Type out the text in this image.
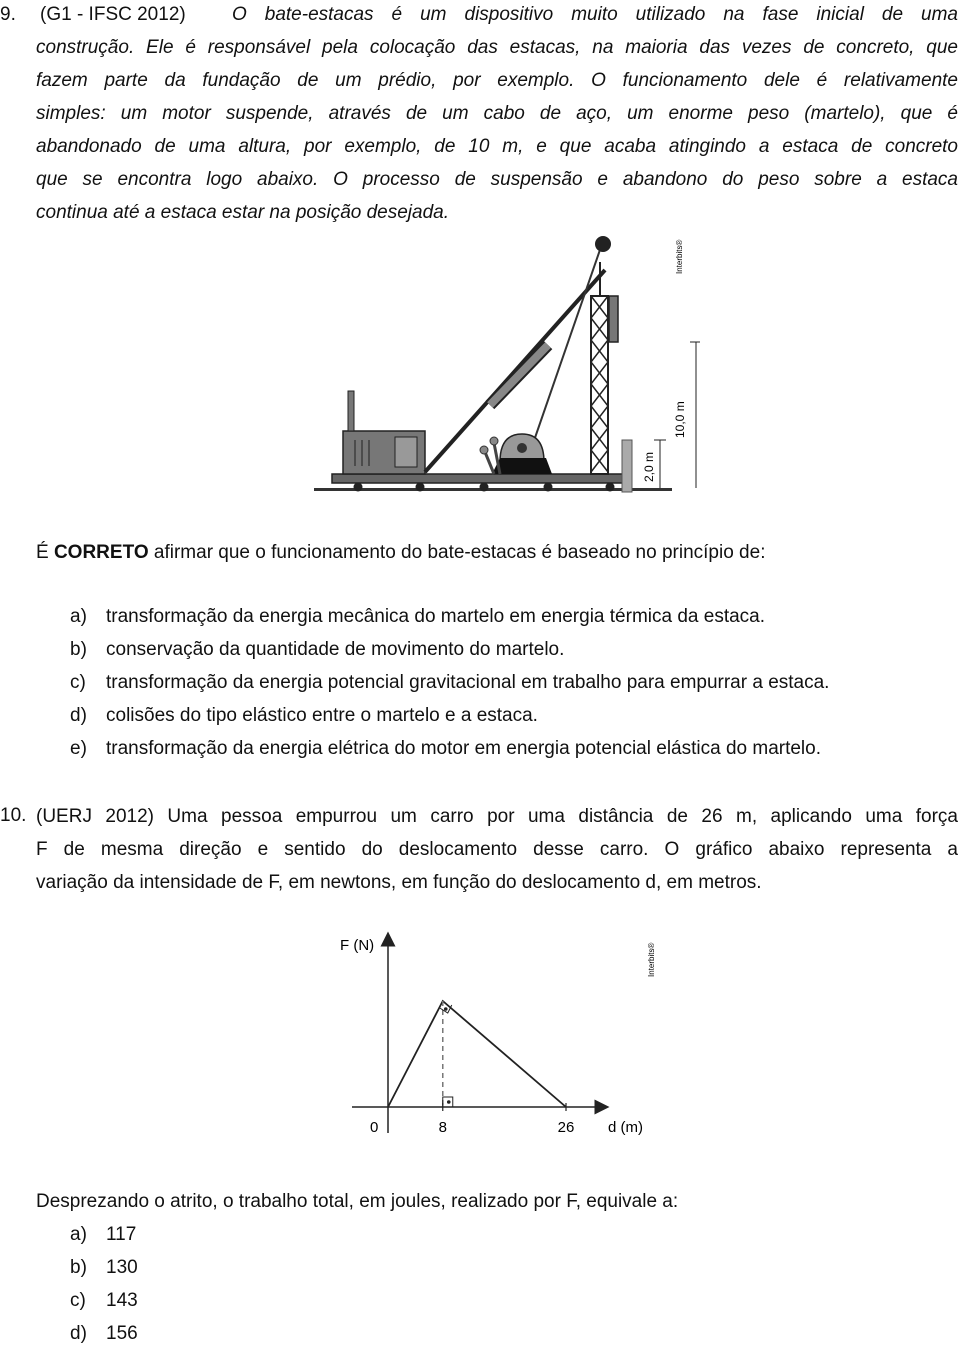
9. (G1 - IFSC 2012) O bate-estacas é um dispositivo muito utilizado na fase inicial de uma
construção. Ele é responsável pela colocação das estacas, na maioria das vezes de concreto, que
fazem parte da fundação de um prédio, por exemplo. O funcionamento dele é relativamente
simples: um motor suspende, através de um cabo de aço, um enorme peso (martelo), que é
abandonado de uma altura, por exemplo, de 10 m, e que acaba atingindo a estaca de concreto
que se encontra logo abaixo. O processo de suspensão e abandono do peso sobre a estaca
continua até a estaca estar na posição desejada.
2,0 m
10,0 m
Interbits®
É CORRETO afirmar que o funcionamento do bate-estacas é baseado no princípio de:
a) transformação da energia mecânica do martelo em energia térmica da estaca.
b) conservação da quantidade de movimento do martelo.
c) transformação da energia potencial gravitacional em trabalho para empurrar a estaca.
d) colisões do tipo elástico entre o martelo e a estaca.
e) transformação da energia elétrica do motor em energia potencial elástica do martelo.
10. (UERJ 2012) Uma pessoa empurrou um carro por uma distância de 26 m, aplicando uma força
F de mesma direção e sentido do deslocamento desse carro. O gráfico abaixo representa a
variação da intensidade de F, em newtons, em função do deslocamento d, em metros.
F (N)
d (m)
Interbits®
0	8	26
Desprezando o atrito, o trabalho total, em joules, realizado por F, equivale a:
a) 117
b) 130
c) 143
d) 156
